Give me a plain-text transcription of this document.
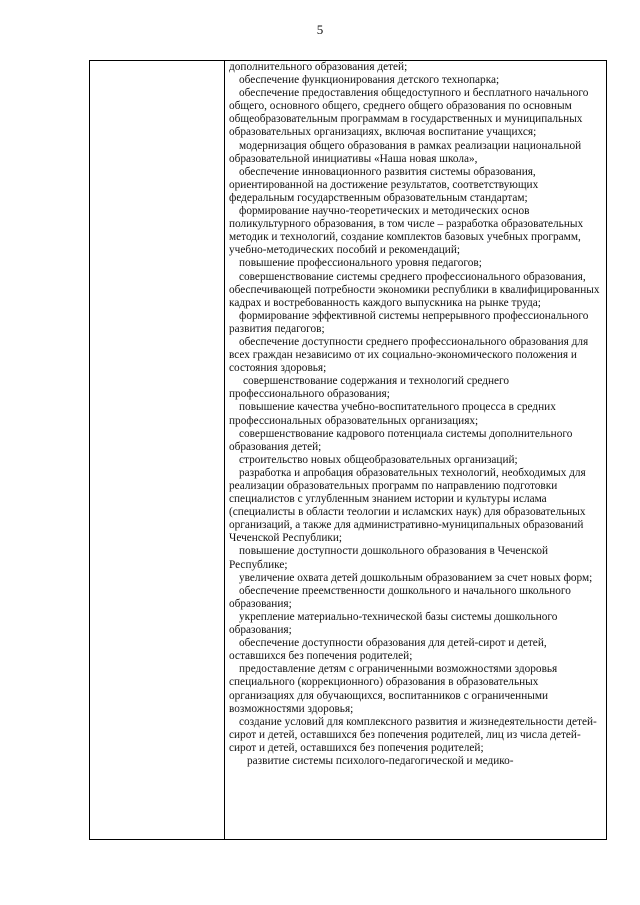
5

дополнительного образования детей;

обеспечение функционирования детского технопарка;

обеспечение предоставления общедоступного и бесплатного начального общего, основного общего, среднего общего образования по основным общеобразовательным программам в государственных и муниципальных образовательных организациях, включая воспитание учащихся;

модернизация общего образования в рамках реализации национальной образовательной инициативы «Наша новая школа»,

обеспечение инновационного развития системы образования, ориентированной на достижение результатов, соответствующих федеральным государственным образовательным стандартам;

формирование научно-теоретических и методических основ поликультурного образования, в том числе – разработка образовательных методик и технологий, создание комплектов базовых учебных программ, учебно-методических пособий и рекомендаций;

повышение профессионального уровня педагогов;

совершенствование системы среднего профессионального образования, обеспечивающей потребности экономики республики в квалифицированных кадрах и востребованность каждого выпускника на рынке труда;

формирование эффективной системы непрерывного профессионального развития педагогов;

обеспечение доступности среднего профессионального образования для всех граждан независимо от их социально-экономического положения и состояния здоровья;

совершенствование содержания и технологий среднего профессионального образования;

повышение качества учебно-воспитательного процесса в средних профессиональных образовательных организациях;

совершенствование кадрового потенциала системы дополнительного образования детей;

строительство новых общеобразовательных организаций;

разработка и апробация образовательных технологий, необходимых для реализации образовательных программ по направлению подготовки специалистов с углубленным знанием истории и культуры ислама (специалисты в области теологии и исламских наук) для образовательных организаций, а также для административно-муниципальных образований Чеченской Республики;

повышение доступности дошкольного образования в Чеченской Республике;

увеличение охвата детей дошкольным образованием за счет новых форм;

обеспечение преемственности дошкольного и начального школьного образования;

укрепление материально-технической базы системы дошкольного образования;

обеспечение доступности образования для детей-сирот и детей, оставшихся без попечения родителей;

предоставление детям с ограниченными возможностями здоровья специального (коррекционного) образования в образовательных организациях для обучающихся, воспитанников с ограниченными возможностями здоровья;

создание условий для комплексного развития и жизнедеятельности детей-сирот и детей, оставшихся без попечения родителей, лиц из числа детей-сирот и детей, оставшихся без попечения родителей;

развитие системы психолого-педагогической и медико-
